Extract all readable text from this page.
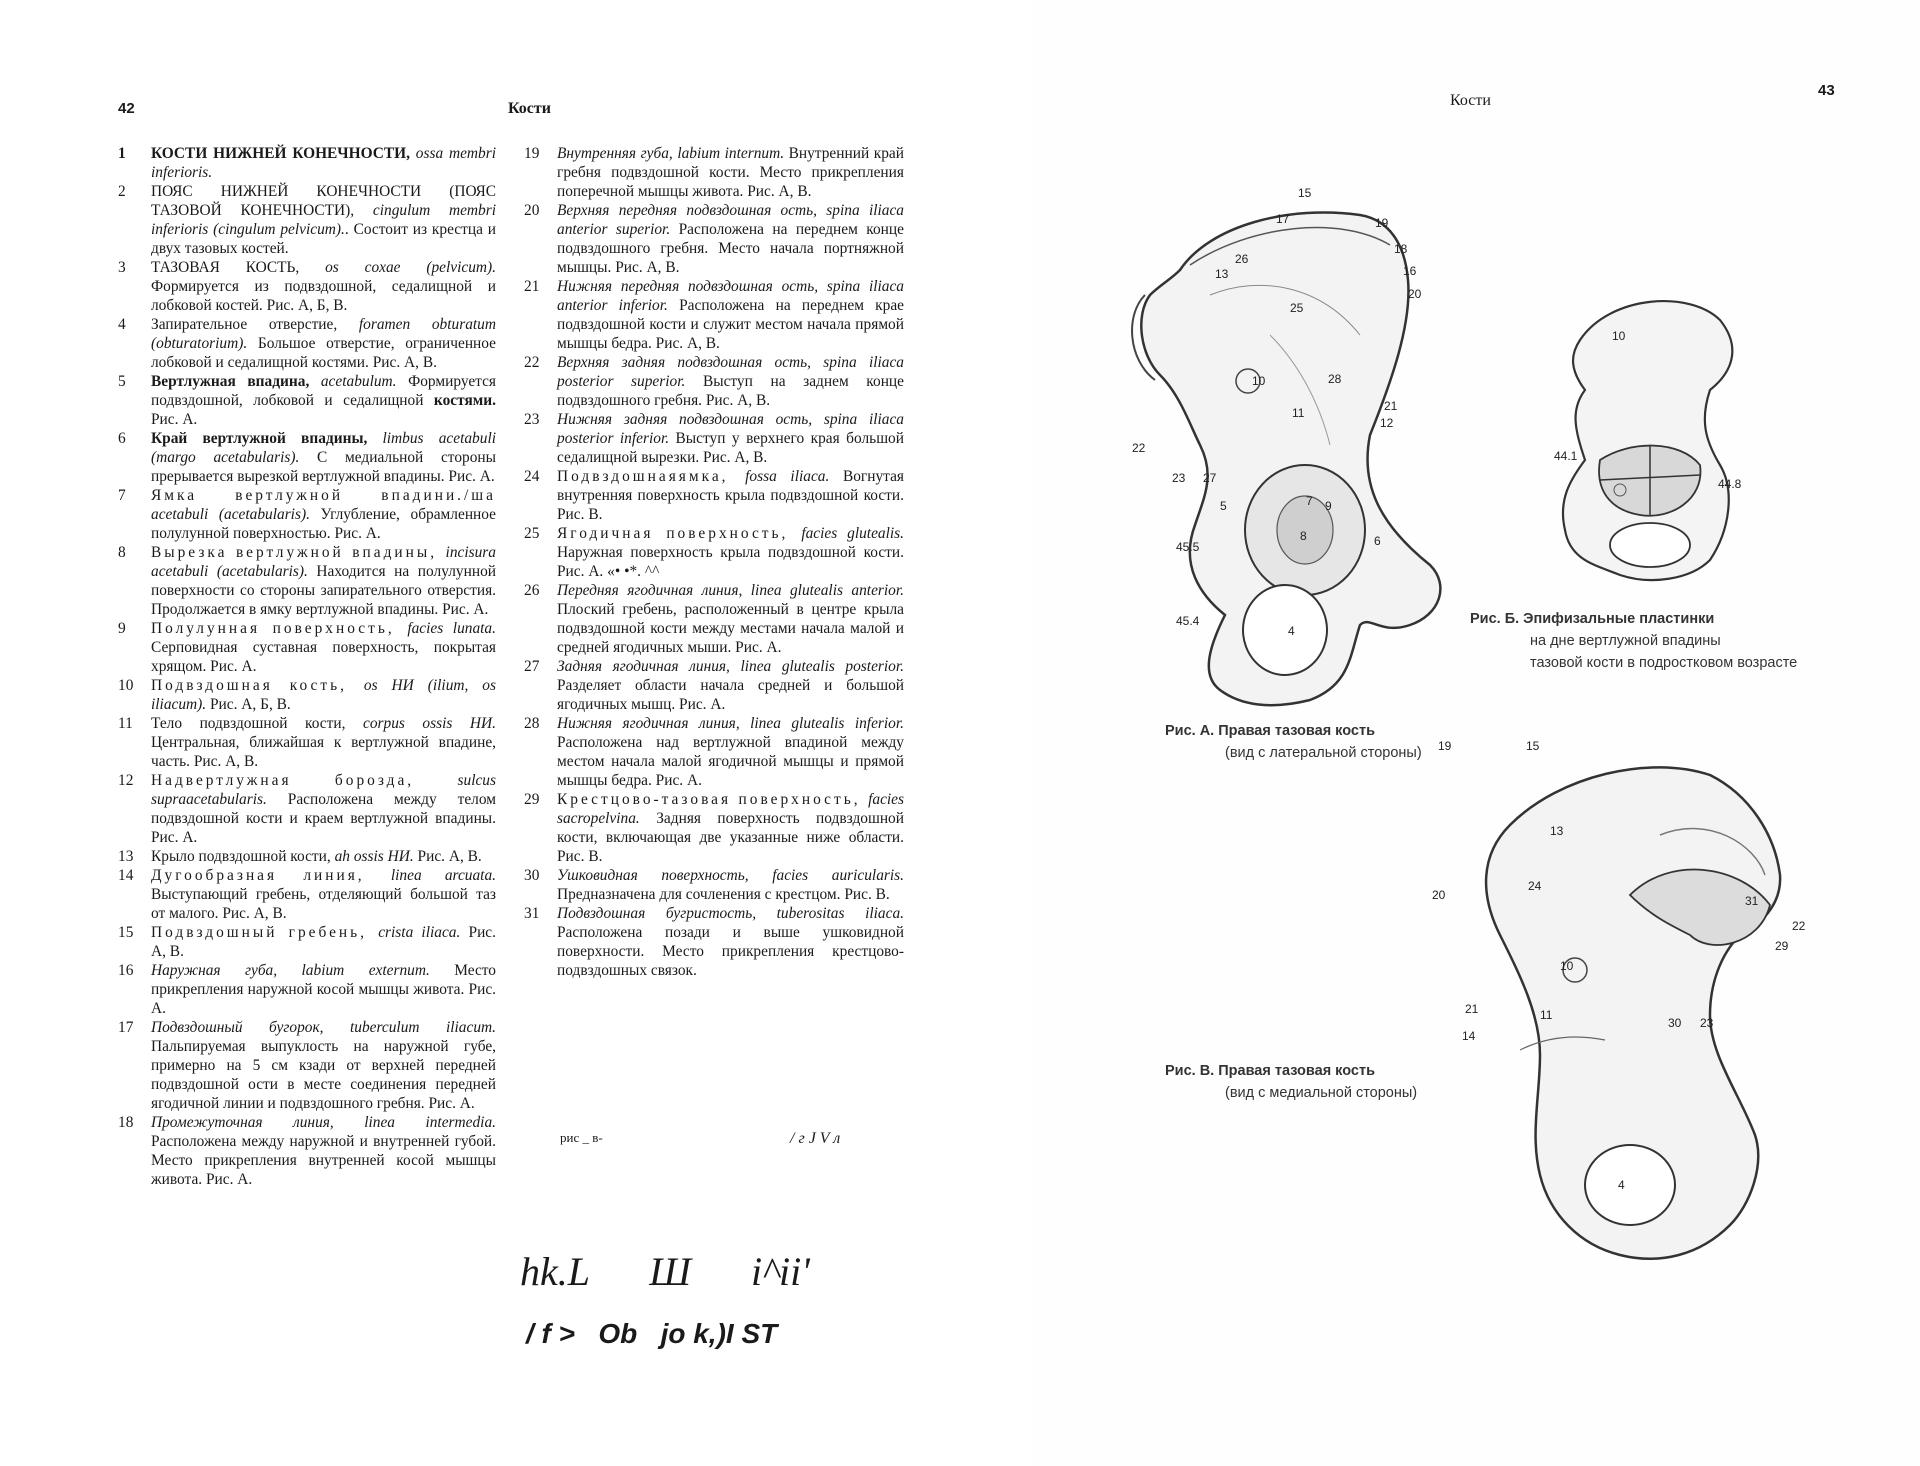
42	Кости
1	КОСТИ НИЖНЕЙ КОНЕЧНОСТИ, ossa membri inferioris.
2	ПОЯС НИЖНЕЙ КОНЕЧНОСТИ (ПОЯС ТАЗОВОЙ КОНЕЧНОСТИ), cingulum membri inferioris (cingulum pelvicum).. Состоит из крестца и двух тазовых костей.
3	ТАЗОВАЯ КОСТЬ, os coxae (pelvicum). Формируется из подвздошной, седалищной и лобковой костей. Рис. А, Б, В.
4	Запирательное отверстие, foramen obturatum (obturatorium). Большое отверстие, ограниченное лобковой и седалищной костями. Рис. А, В.
5	Вертлужная впадина, acetabulum. Формируется подвздошной, лобковой и седалищной костями. Рис. А.
6	Край вертлужной впадины, limbus acetabuli (margo acetabularis). С медиальной стороны прерывается вырезкой вертлужной впадины. Рис. А.
7	Ямка вертлужной впадини./ша acetabuli (acetabularis). Углубление, обрамленное полулунной поверхностью. Рис. А.
8	Вырезка вертлужной впадины, incisura acetabuli (acetabularis). Находится на полулунной поверхности со стороны запирательного отверстия. Продолжается в ямку вертлужной впадины. Рис. А.
9	Полулунная поверхность, facies lunata. Серповидная суставная поверхность, покрытая хрящом. Рис. А.
10	Подвздошная кость, os НИ (ilium, os iliacum). Рис. А, Б, В.
11	Тело подвздошной кости, corpus ossis НИ. Центральная, ближайшая к вертлужной впадине, часть. Рис. А, В.
12	Надвертлужная борозда, sulcus supraacetabularis. Расположена между телом подвздошной кости и краем вертлужной впадины. Рис. А.
13	Крыло подвздошной кости, ah ossis НИ. Рис. А, В.
14	Дугообразная линия, linea arcuata. Выступающий гребень, отделяющий большой таз от малого. Рис. А, В.
15	Подвздошный гребень, crista iliaca. Рис. А, В.
16	Наружная губа, labium externum. Место прикрепления наружной косой мышцы живота. Рис. А.
17	Подвздошный бугорок, tuberculum iliacum. Пальпируемая выпуклость на наружной губе, примерно на 5 см кзади от верхней передней подвздошной ости в месте соединения передней ягодичной линии и подвздошного гребня. Рис. А.
18	Промежуточная линия, linea intermedia. Расположена между наружной и внутренней губой. Место прикрепления внутренней косой мышцы живота. Рис. А.
19	Внутренняя губа, labium internum. Внутренний край гребня подвздошной кости. Место прикрепления поперечной мышцы живота. Рис. А, В.
20	Верхняя передняя подвздошная ость, spina iliaca anterior superior. Расположена на переднем конце подвздошного гребня. Место начала портняжной мышцы. Рис. А, В.
21	Нижняя передняя подвздошная ость, spina iliaca anterior inferior. Расположена на переднем крае подвздошной кости и служит местом начала прямой мышцы бедра. Рис. А, В.
22	Верхняя задняя подвздошная ость, spina iliaca posterior superior. Выступ на заднем конце подвздошного гребня. Рис. А, В.
23	Нижняя задняя подвздошная ость, spina iliaca posterior inferior. Выступ у верхнего края большой седалищной вырезки. Рис. А, В.
24	Подвздошнаяямка, fossa iliaca. Вогнутая внутренняя поверхность крыла подвздошной кости. Рис. В.
25	Ягодичная поверхность, facies glutealis. Наружная поверхность крыла подвздошной кости. Рис. А. «• •*. ^^
26	Передняя ягодичная линия, linea glutealis anterior. Плоский гребень, расположенный в центре крыла подвздошной кости между местами начала малой и средней ягодичных мыши. Рис. А.
27	Задняя ягодичная линия, linea glutealis posterior. Разделяет области начала средней и большой ягодичных мышц. Рис. А.
28	Нижняя ягодичная линия, linea glutealis inferior. Расположена над вертлужной впадиной между местом начала малой ягодичной мышцы и прямой мышцы бедра. Рис. А.
29	Крестцово-тазовая поверхность, facies sacropelvina. Задняя поверхность подвздошной кости, включающая две указанные ниже области. Рис. В.
30	Ушковидная поверхность, facies auricularis. Предназначена для сочленения с крестцом. Рис. В.
31	Подвздошная бугристость, tuberositas iliaca. Расположена позади и выше ушковидной поверхности. Место прикрепления крестцово-подвздошных связок.
рис _ в-	/ г J V л
hk.L      Ш      i^ii'
/ f >   Ob   jo k,)I ST
Кости
43
15
17	19
18
16
20
13
26
25
10	28
11	21
12
22
23 27
5	7 9
8	6
45.5
45.4
4
Рис. А. Правая тазовая кость
(вид с латеральной стороны)
10
44.1
44.8
Рис. Б. Эпифизальные пластинки
на дне вертлужной впадины
тазовой кости в подростковом возрасте
19	15
13
24
31
20
22
10
29
21	11
30 23
14
4
Рис. В. Правая тазовая кость
(вид с медиальной стороны)
